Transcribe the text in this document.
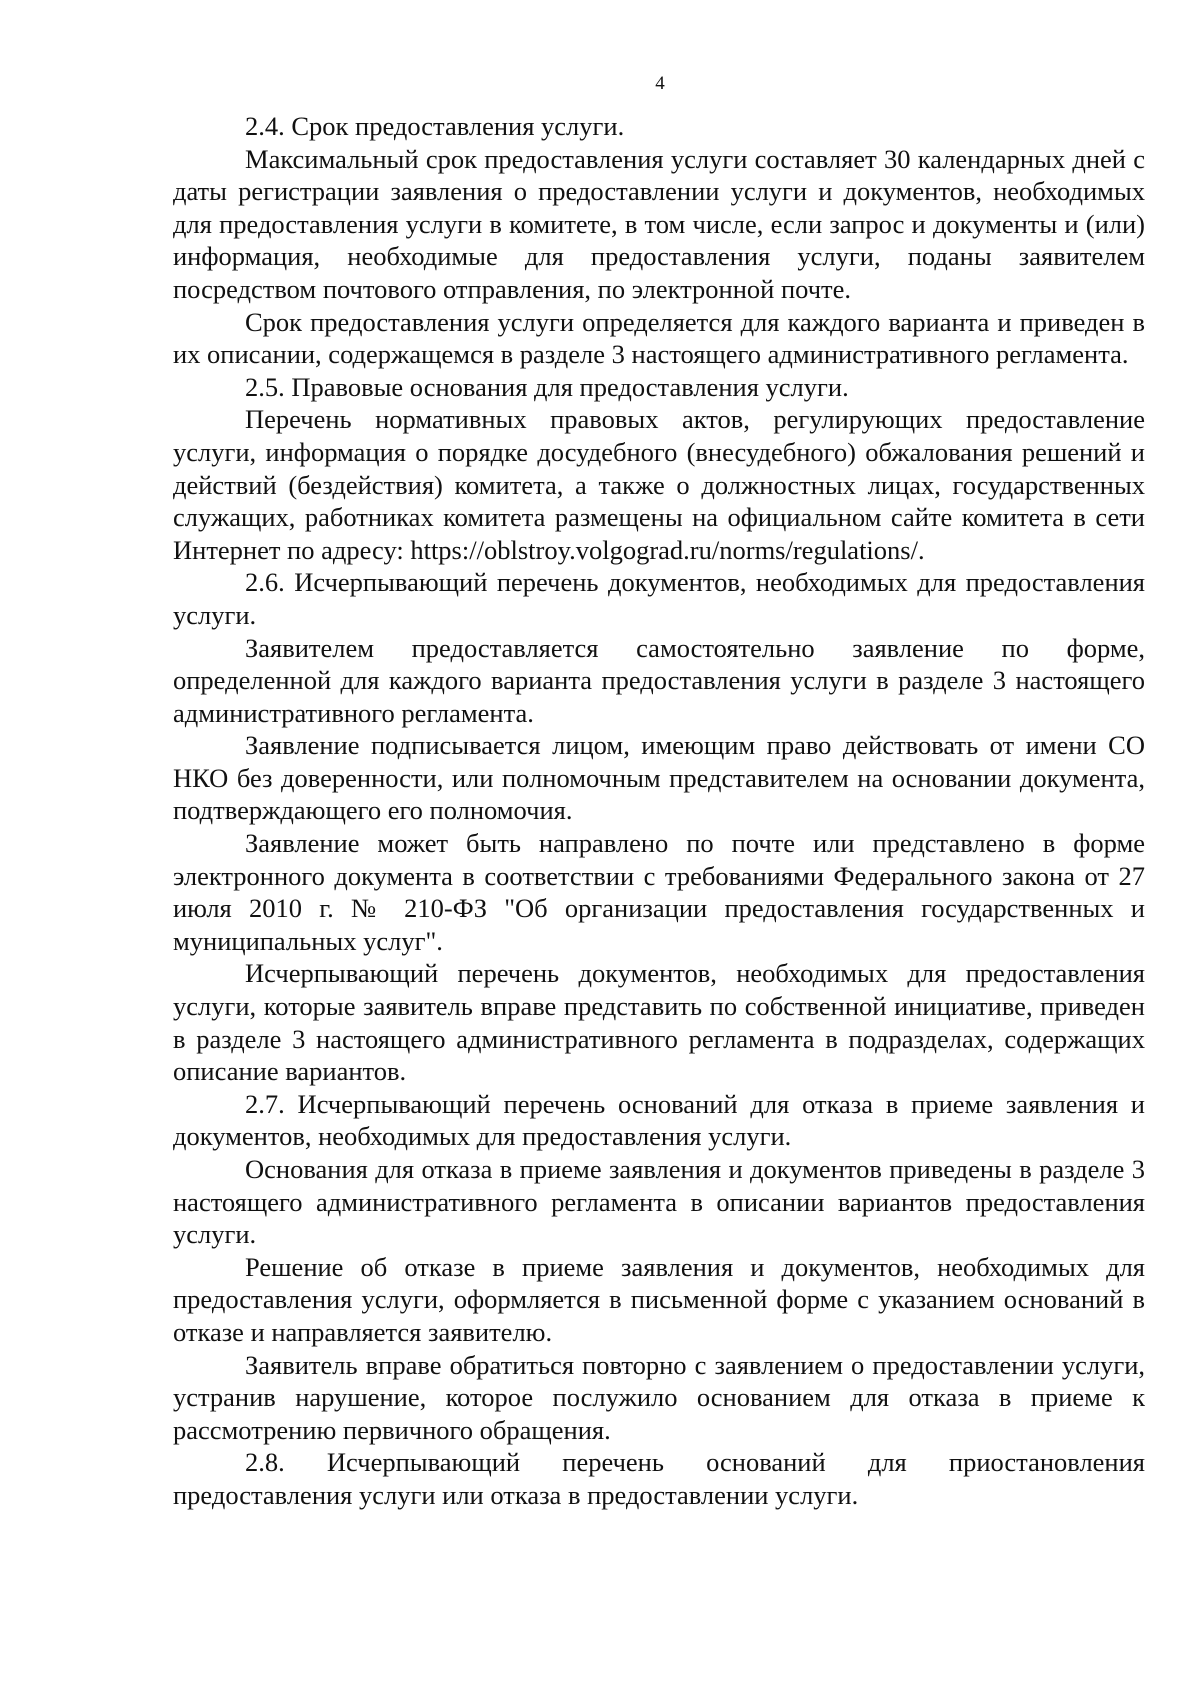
4

2.4. Срок предоставления услуги.

Максимальный срок предоставления услуги составляет 30 календарных дней с даты регистрации заявления о предоставлении услуги и документов, необходимых для предоставления услуги в комитете, в том числе, если запрос и документы и (или) информация, необходимые для предоставления услуги, поданы заявителем посредством почтового отправления, по электронной почте.

Срок предоставления услуги определяется для каждого варианта и приведен в их описании, содержащемся в разделе 3 настоящего административного регламента.

2.5. Правовые основания для предоставления услуги.

Перечень нормативных правовых актов, регулирующих предоставление услуги, информация о порядке досудебного (внесудебного) обжалования решений и действий (бездействия) комитета, а также о должностных лицах, государственных служащих, работниках комитета размещены на официальном сайте комитета в сети Интернет по адресу: https://oblstroy.volgograd.ru/norms/regulations/.

2.6. Исчерпывающий перечень документов, необходимых для предоставления услуги.

Заявителем предоставляется самостоятельно заявление по форме, определенной для каждого варианта предоставления услуги в разделе 3 настоящего административного регламента.

Заявление подписывается лицом, имеющим право действовать от имени СО НКО без доверенности, или полномочным представителем на основании документа, подтверждающего его полномочия.

Заявление может быть направлено по почте или представлено в форме электронного документа в соответствии с требованиями Федерального закона от 27 июля 2010 г. № 210-ФЗ "Об организации предоставления государственных и муниципальных услуг".

Исчерпывающий перечень документов, необходимых для предоставления услуги, которые заявитель вправе представить по собственной инициативе, приведен в разделе 3 настоящего административного регламента в подразделах, содержащих описание вариантов.

2.7. Исчерпывающий перечень оснований для отказа в приеме заявления и документов, необходимых для предоставления услуги.

Основания для отказа в приеме заявления и документов приведены в разделе 3 настоящего административного регламента в описании вариантов предоставления услуги.

Решение об отказе в приеме заявления и документов, необходимых для предоставления услуги, оформляется в письменной форме с указанием оснований в отказе и направляется заявителю.

Заявитель вправе обратиться повторно с заявлением о предоставлении услуги, устранив нарушение, которое послужило основанием для отказа в приеме к рассмотрению первичного обращения.

2.8. Исчерпывающий перечень оснований для приостановления предоставления услуги или отказа в предоставлении услуги.
